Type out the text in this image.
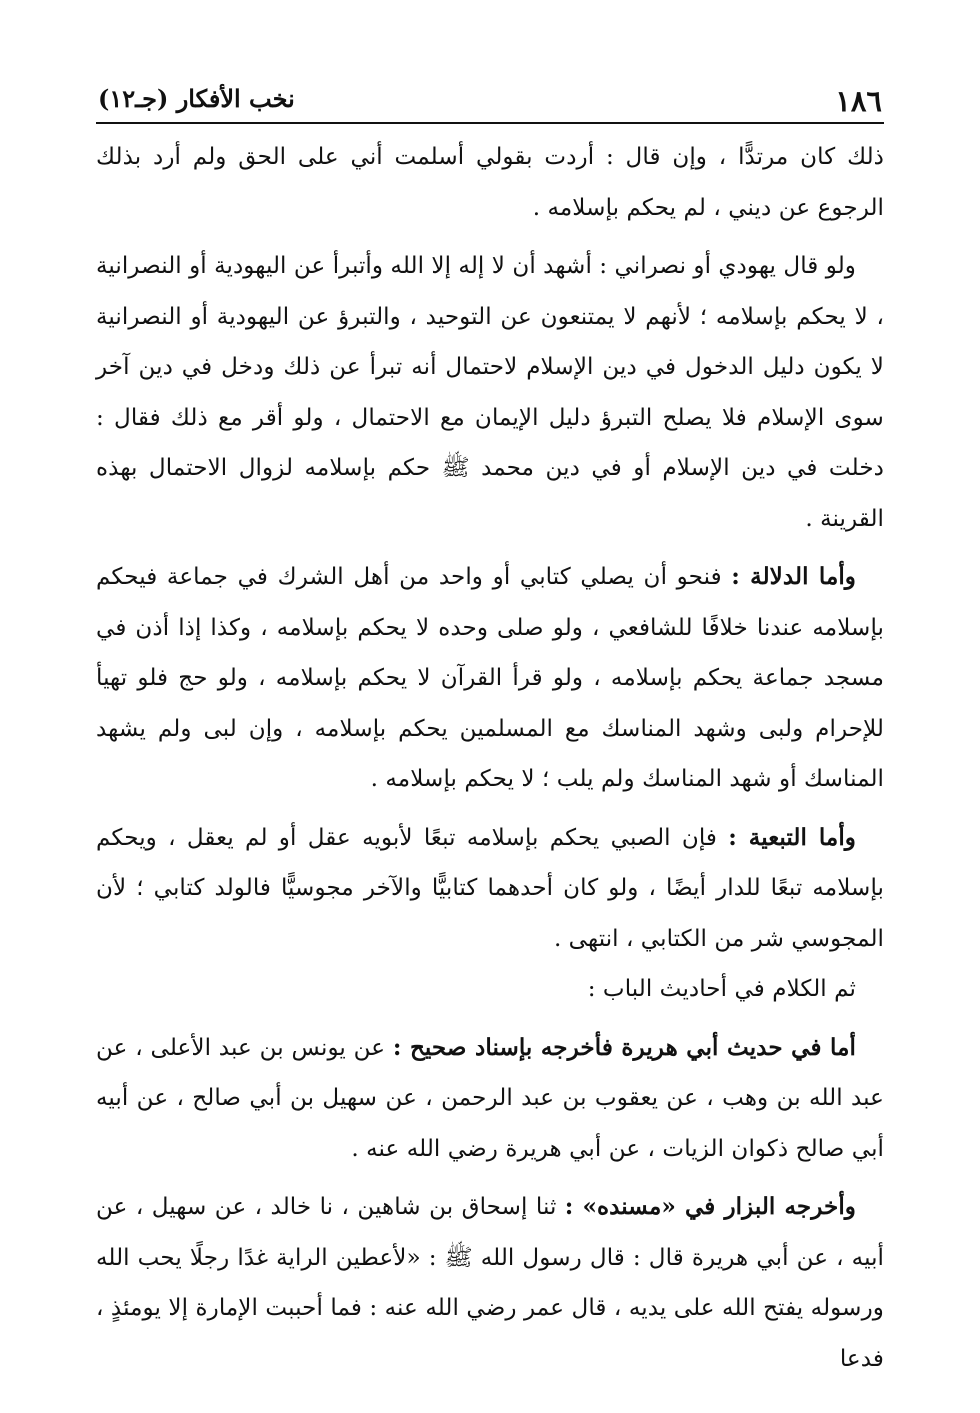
١٨٦
نخب الأفكار (جـ١٢)

ذلك كان مرتدًّا ، وإن قال : أردت بقولي أسلمت أني على الحق ولم أرد بذلك الرجوع عن ديني ، لم يحكم بإسلامه .

ولو قال يهودي أو نصراني : أشهد أن لا إله إلا الله وأتبرأ عن اليهودية أو النصرانية ، لا يحكم بإسلامه ؛ لأنهم لا يمتنعون عن التوحيد ، والتبرؤ عن اليهودية أو النصرانية لا يكون دليل الدخول في دين الإسلام لاحتمال أنه تبرأ عن ذلك ودخل في دين آخر سوى الإسلام فلا يصلح التبرؤ دليل الإيمان مع الاحتمال ، ولو أقر مع ذلك فقال : دخلت في دين الإسلام أو في دين محمد ﷺ حكم بإسلامه لزوال الاحتمال بهذه القرينة .

وأما الدلالة : فنحو أن يصلي كتابي أو واحد من أهل الشرك في جماعة فيحكم بإسلامه عندنا خلافًا للشافعي ، ولو صلى وحده لا يحكم بإسلامه ، وكذا إذا أذن في مسجد جماعة يحكم بإسلامه ، ولو قرأ القرآن لا يحكم بإسلامه ، ولو حج فلو تهيأ للإحرام ولبى وشهد المناسك مع المسلمين يحكم بإسلامه ، وإن لبى ولم يشهد المناسك أو شهد المناسك ولم يلب ؛ لا يحكم بإسلامه .

وأما التبعية : فإن الصبي يحكم بإسلامه تبعًا لأبويه عقل أو لم يعقل ، ويحكم بإسلامه تبعًا للدار أيضًا ، ولو كان أحدهما كتابيًّا والآخر مجوسيًّا فالولد كتابي ؛ لأن المجوسي شر من الكتابي ، انتهى .

ثم الكلام في أحاديث الباب :

أما في حديث أبي هريرة فأخرجه بإسناد صحيح : عن يونس بن عبد الأعلى ، عن عبد الله بن وهب ، عن يعقوب بن عبد الرحمن ، عن سهيل بن أبي صالح ، عن أبيه أبي صالح ذكوان الزيات ، عن أبي هريرة رضي الله عنه .

وأخرجه البزار في «مسنده» : ثنا إسحاق بن شاهين ، نا خالد ، عن سهيل ، عن أبيه ، عن أبي هريرة قال : قال رسول الله ﷺ : «لأعطين الراية غدًا رجلًا يحب الله ورسوله يفتح الله على يديه ، قال عمر رضي الله عنه : فما أحببت الإمارة إلا يومئذٍ ، فدعا
